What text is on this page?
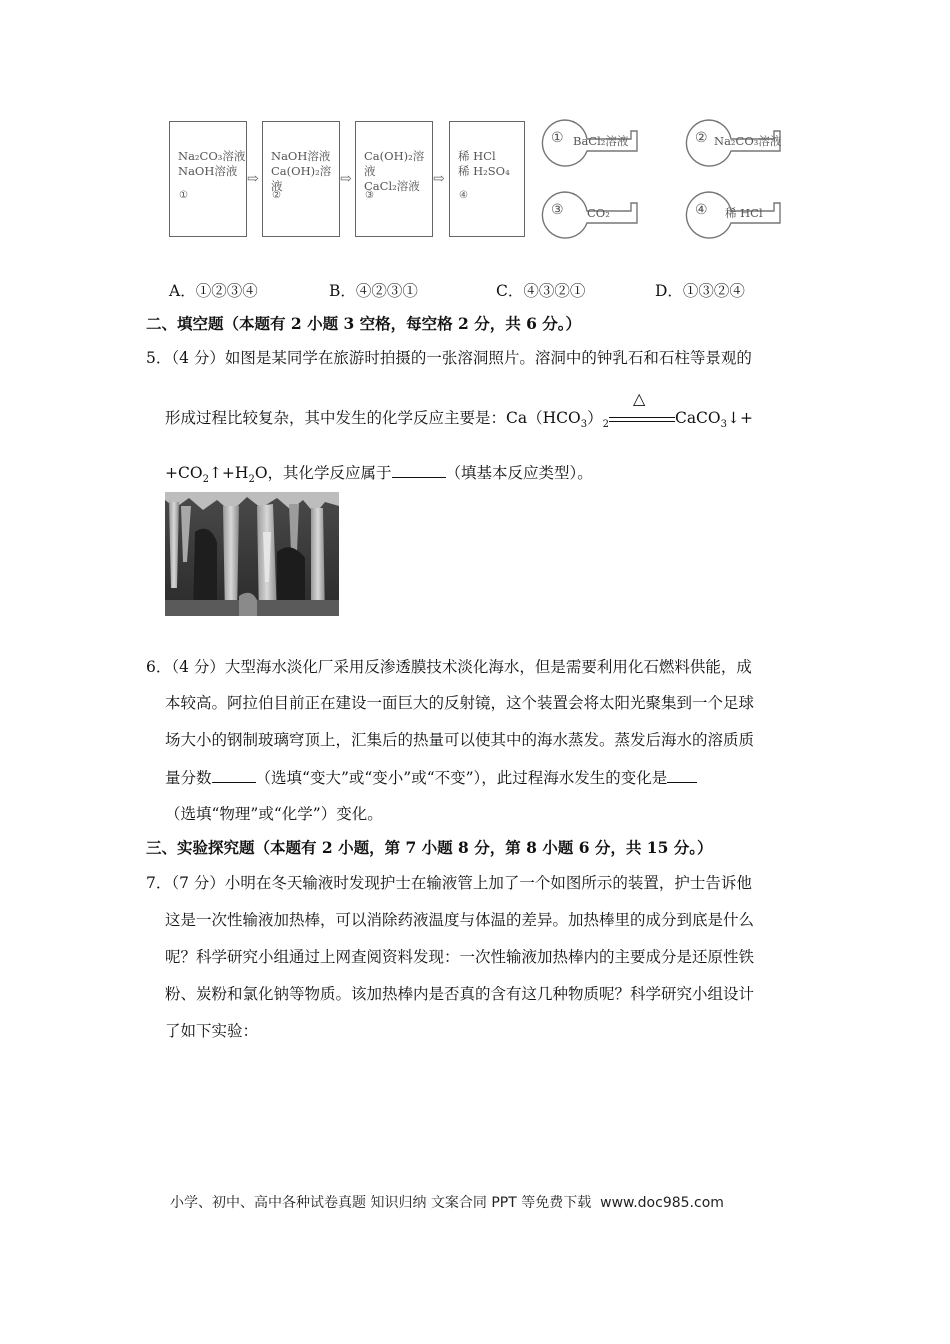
Na₂CO₃溶液
NaOH溶液
①
⇨
NaOH溶液
Ca(OH)₂溶液
②
⇨
Ca(OH)₂溶液
CaCl₂溶液
③
⇨
稀 HCl
稀 H₂SO₄
④
① BaCl₂溶液	② Na₂CO₃溶液
③ CO₂	④ 稀 HCl
A．①②③④	B．④②③①	C．④③②①	D．①③②④
二、填空题（本题有 2 小题 3 空格，每空格 2 分，共 6 分。）
5．（4 分）如图是某同学在旅游时拍摄的一张溶洞照片。溶洞中的钟乳石和石柱等景观的
形成过程比较复杂，其中发生的化学反应主要是：$Ca(HCO_3)_2$
△
CaCO$_3$↓+
$+CO_2↑+H_2O$，其化学反应属于	（填基本反应类型）。
6．（4 分）大型海水淡化厂采用反渗透膜技术淡化海水，但是需要利用化石燃料供能，成
本较高。阿拉伯目前正在建设一面巨大的反射镜，这个装置会将太阳光聚集到一个足球
场大小的钢制玻璃穹顶上，汇集后的热量可以使其中的海水蒸发。蒸发后海水的溶质质
量分数	（选填“变大”或“变小”或“不变”），此过程海水发生的变化是
（选填“物理”或“化学”）变化。
三、实验探究题（本题有 2 小题，第 7 小题 8 分，第 8 小题 6 分，共 15 分。）
7．（7 分）小明在冬天输液时发现护士在输液管上加了一个如图所示的装置，护士告诉他
这是一次性输液加热棒，可以消除药液温度与体温的差异。加热棒里的成分到底是什么
呢？科学研究小组通过上网查阅资料发现：一次性输液加热棒内的主要成分是还原性铁
粉、炭粉和氯化钠等物质。该加热棒内是否真的含有这几种物质呢？科学研究小组设计
了如下实验：
小学、初中、高中各种试卷真题 知识归纳 文案合同 PPT 等免费下载 www.doc985.com
